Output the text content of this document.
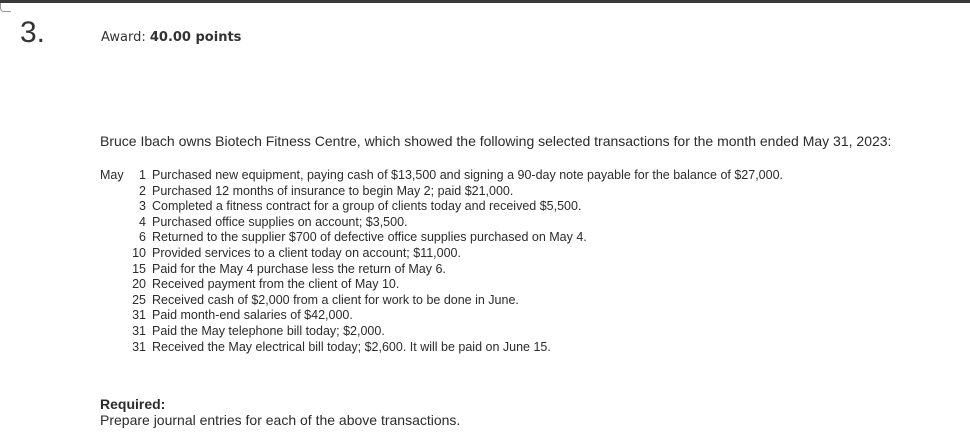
3.	Award: 40.00 points
Bruce Ibach owns Biotech Fitness Centre, which showed the following selected transactions for the month ended May 31, 2023:
May	1 Purchased new equipment, paying cash of $13,500 and signing a 90-day note payable for the balance of $27,000.
2 Purchased 12 months of insurance to begin May 2; paid $21,000.
3 Completed a fitness contract for a group of clients today and received $5,500.
4 Purchased office supplies on account; $3,500.
6 Returned to the supplier $700 of defective office supplies purchased on May 4.
10 Provided services to a client today on account; $11,000.
15 Paid for the May 4 purchase less the return of May 6.
20 Received payment from the client of May 10.
25 Received cash of $2,000 from a client for work to be done in June.
31 Paid month-end salaries of $42,000.
31 Paid the May telephone bill today; $2,000.
31 Received the May electrical bill today; $2,600. It will be paid on June 15.
Required:
Prepare journal entries for each of the above transactions.
